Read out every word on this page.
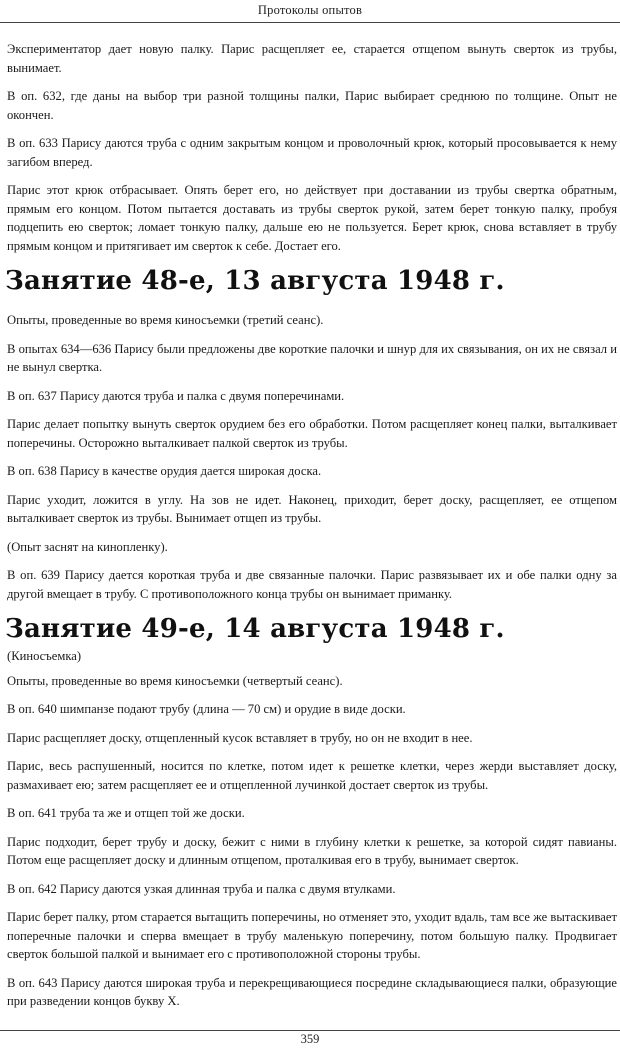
Протоколы опытов

Экспериментатор дает новую палку. Парис расщепляет ее, старается отщепом вынуть сверток из трубы, вынимает.

В оп. 632, где даны на выбор три разной толщины палки, Парис выбирает среднюю по толщине. Опыт не окончен.

В оп. 633 Парису даются труба с одним закрытым концом и проволочный крюк, который просовывается к нему загибом вперед.

Парис этот крюк отбрасывает. Опять берет его, но действует при доставании из трубы свертка обратным, прямым его концом. Потом пытается доставать из трубы сверток рукой, затем берет тонкую палку, пробуя подцепить ею сверток; ломает тонкую палку, дальше ею не пользуется. Берет крюк, снова вставляет в трубу прямым концом и притягивает им сверток к себе. Достает его.

Занятие 48-е, 13 августа 1948 г.

Опыты, проведенные во время киносъемки (третий сеанс).

В опытах 634—636 Парису были предложены две короткие палочки и шнур для их связывания, он их не связал и не вынул свертка.

В оп. 637 Парису даются труба и палка с двумя поперечинами.

Парис делает попытку вынуть сверток орудием без его обработки. Потом расщепляет конец палки, выталкивает поперечины. Осторожно выталкивает палкой сверток из трубы.

В оп. 638 Парису в качестве орудия дается широкая доска.

Парис уходит, ложится в углу. На зов не идет. Наконец, приходит, берет доску, расщепляет, ее отщепом выталкивает сверток из трубы. Вынимает отщеп из трубы.

(Опыт заснят на кинопленку).

В оп. 639 Парису дается короткая труба и две связанные палочки. Парис развязывает их и обе палки одну за другой вмещает в трубу. С противоположного конца трубы он вынимает приманку.

Занятие 49-е, 14 августа 1948 г.

(Киносъемка)

Опыты, проведенные во время киносъемки (четвертый сеанс).

В оп. 640 шимпанзе подают трубу (длина — 70 см) и орудие в виде доски.

Парис расщепляет доску, отщепленный кусок вставляет в трубу, но он не входит в нее.

Парис, весь распушенный, носится по клетке, потом идет к решетке клетки, через жерди выставляет доску, размахивает ею; затем расщепляет ее и отщепленной лучинкой достает сверток из трубы.

В оп. 641 труба та же и отщеп той же доски.

Парис подходит, берет трубу и доску, бежит с ними в глубину клетки к решетке, за которой сидят павианы. Потом еще расщепляет доску и длинным отщепом, проталкивая его в трубу, вынимает сверток.

В оп. 642 Парису даются узкая длинная труба и палка с двумя втулками.

Парис берет палку, ртом старается вытащить поперечины, но отменяет это, уходит вдаль, там все же вытаскивает поперечные палочки и сперва вмещает в трубу маленькую поперечину, потом большую палку. Продвигает сверток большой палкой и вынимает его с противоположной стороны трубы.

В оп. 643 Парису даются широкая труба и перекрещивающиеся посредине складывающиеся палки, образующие при разведении концов букву Х.

359
